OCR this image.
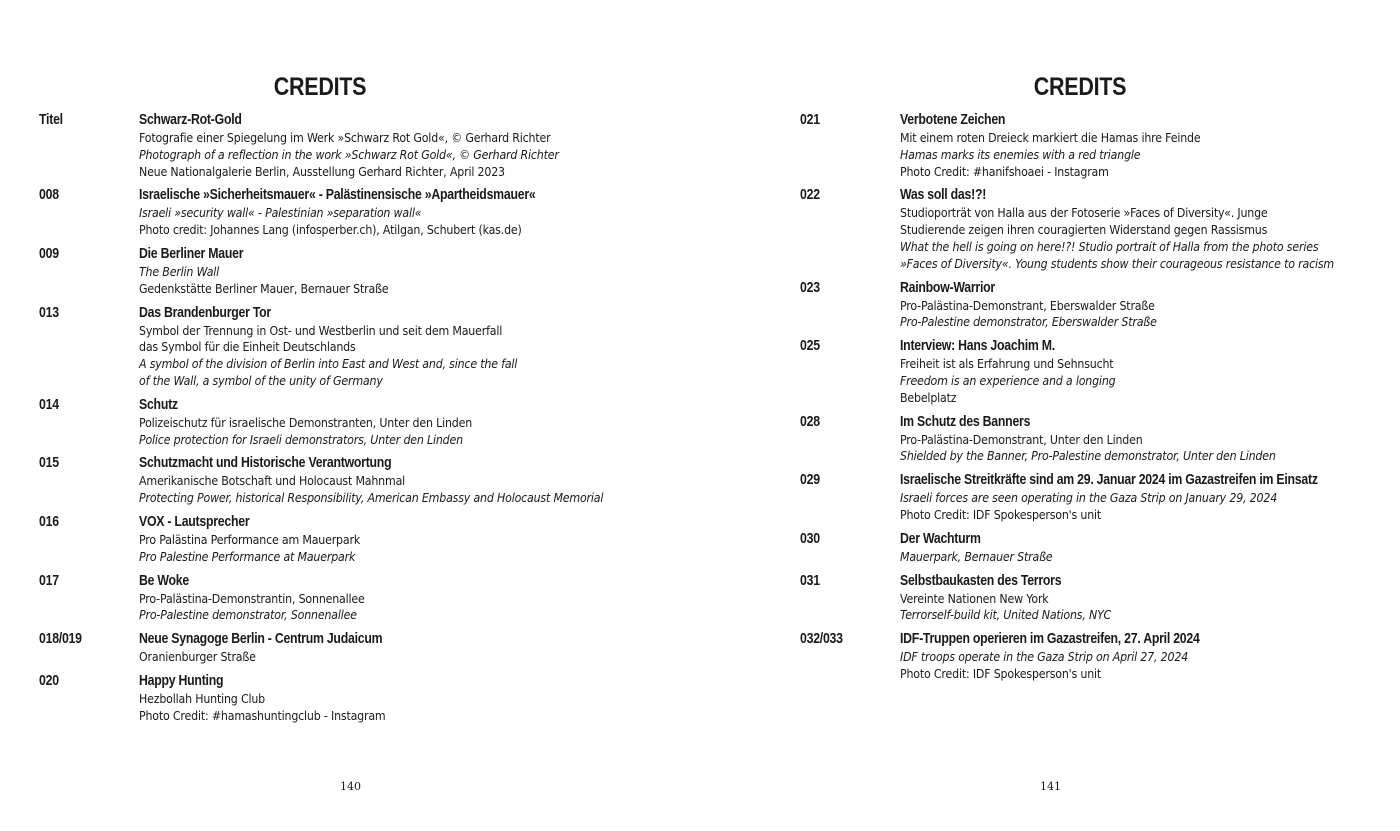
CREDITS
Titel	Schwarz-Rot-Gold
Fotografie einer Spiegelung im Werk »Schwarz Rot Gold«, © Gerhard Richter
Photograph of a reflection in the work »Schwarz Rot Gold«, © Gerhard Richter
Neue Nationalgalerie Berlin, Ausstellung Gerhard Richter, April 2023
008	Israelische »Sicherheitsmauer« - Palästinensische »Apartheidsmauer«
Israeli »security wall« - Palestinian »separation wall«
Photo credit: Johannes Lang (infosperber.ch), Atilgan, Schubert (kas.de)
009	Die Berliner Mauer
The Berlin Wall
Gedenkstätte Berliner Mauer, Bernauer Straße
013	Das Brandenburger Tor
Symbol der Trennung in Ost- und Westberlin und seit dem Mauerfall
das Symbol für die Einheit Deutschlands
A symbol of the division of Berlin into East and West and, since the fall
of the Wall, a symbol of the unity of Germany
014	Schutz
Polizeischutz für israelische Demonstranten, Unter den Linden
Police protection for Israeli demonstrators, Unter den Linden
015	Schutzmacht und Historische Verantwortung
Amerikanische Botschaft und Holocaust Mahnmal
Protecting Power, historical Responsibility, American Embassy and Holocaust Memorial
016	VOX - Lautsprecher
Pro Palästina Performance am Mauerpark
Pro Palestine Performance at Mauerpark
017	Be Woke
Pro-Palästina-Demonstrantin, Sonnenallee
Pro-Palestine demonstrator, Sonnenallee
018/019	Neue Synagoge Berlin - Centrum Judaicum
Oranienburger Straße
020	Happy Hunting
Hezbollah Hunting Club
Photo Credit: #hamashuntingclub - Instagram
140
CREDITS
021	Verbotene Zeichen
Mit einem roten Dreieck markiert die Hamas ihre Feinde
Hamas marks its enemies with a red triangle
Photo Credit: #hanifshoaei - Instagram
022	Was soll das!?!
Studioporträt von Halla aus der Fotoserie »Faces of Diversity«. Junge
Studierende zeigen ihren couragierten Widerstand gegen Rassismus
What the hell is going on here!?! Studio portrait of Halla from the photo series
»Faces of Diversity«. Young students show their courageous resistance to racism
023	Rainbow-Warrior
Pro-Palästina-Demonstrant, Eberswalder Straße
Pro-Palestine demonstrator, Eberswalder Straße
025	Interview: Hans Joachim M.
Freiheit ist als Erfahrung und Sehnsucht
Freedom is an experience and a longing
Bebelplatz
028	Im Schutz des Banners
Pro-Palästina-Demonstrant, Unter den Linden
Shielded by the Banner, Pro-Palestine demonstrator, Unter den Linden
029	Israelische Streitkräfte sind am 29. Januar 2024 im Gazastreifen im Einsatz
Israeli forces are seen operating in the Gaza Strip on January 29, 2024
Photo Credit: IDF Spokesperson's unit
030	Der Wachturm
Mauerpark, Bernauer Straße
031	Selbstbaukasten des Terrors
Vereinte Nationen New York
Terrorself-build kit, United Nations, NYC
032/033	IDF-Truppen operieren im Gazastreifen, 27. April 2024
IDF troops operate in the Gaza Strip on April 27, 2024
Photo Credit: IDF Spokesperson's unit
141
